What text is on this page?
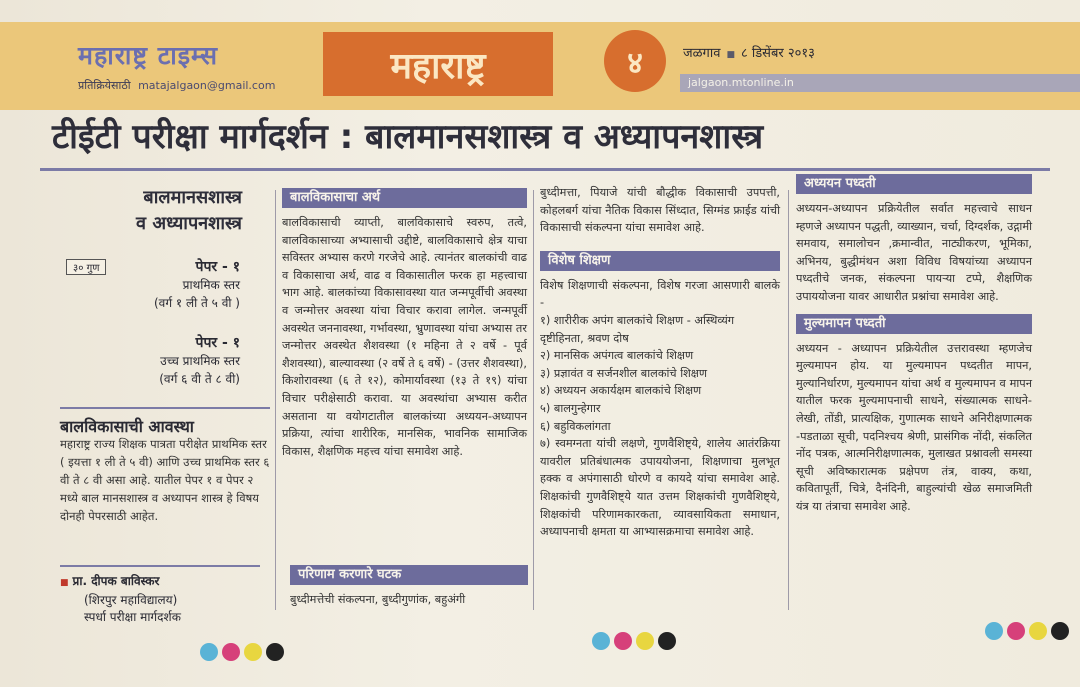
महाराष्ट्र टाइम्स
प्रतिक्रियेसाठी matajalgaon@gmail.com	महाराष्ट्र	४	जळगाव ■ ८ डिसेंबर २०१३
jalgaon.mtonline.in
टीईटी परीक्षा मार्गदर्शन : बालमानसशास्त्र व अध्यापनशास्त्र
बालमानसशास्त्र
व अध्यापनशास्त्र
३० गुण	पेपर - १
प्राथमिक स्तर
(वर्ग १ ली ते ५ वी )
पेपर - १
उच्च प्राथमिक स्तर
(वर्ग ६ वी ते ८ वी)
बालविकासाची आवस्था
महाराष्ट्र राज्य शिक्षक पात्रता परीक्षेत प्राथमिक स्तर ( इयत्ता १ ली ते ५ वी) आणि उच्च प्राथमिक स्तर ६ वी ते ८ वी असा आहे. यातील पेपर १ व पेपर २ मध्ये बाल मानसशास्त्र व अध्यापन शास्त्र हे विषय दोनही पेपरसाठी आहेत.
■ प्रा. दीपक बाविस्कर
(शिरपुर महाविद्यालय)
स्पर्धा परीक्षा मार्गदर्शक
बालविकासाचा अर्थ

बालविकासाची व्याप्ती, बालविकासाचे स्वरुप, तत्वे, बालविकासाच्या अभ्यासाची उद्दीष्टे, बालविकासाचे क्षेत्र याचा सविस्तर अभ्यास करणे गरजेचे आहे. त्यानंतर बालकांची वाढ व विकासाचा अर्थ, वाढ व विकासातील फरक हा महत्त्वाचा भाग आहे. बालकांच्या विकासावस्था यात जन्मपूर्वीची अवस्था व जन्मोत्तर अवस्था यांचा विचार करावा लागेल. जन्मपूर्वी अवस्थेत जननावस्था, गर्भावस्था, भ्रुणावस्था यांचा अभ्यास तर जन्मोत्तर अवस्थेत शैशवस्था (१ महिना ते २ वर्षे - पूर्व शैशवस्था), बाल्यावस्था (२ वर्षे ते ६ वर्षे) - (उत्तर शैशवस्था), किशोरावस्था (६ ते १२), कोमार्यावस्था (१३ ते १९) यांचा विचार परीक्षेसाठी करावा. या अवस्थांचा अभ्यास करीत असताना या वयोगटातील बालकांच्या अध्ययन-अध्यापन प्रक्रिया, त्यांचा शारीरिक, मानसिक, भावनिक सामाजिक विकास, शैक्षणिक महत्त्व यांचा समावेश आहे.

परिणाम करणारे घटक

बुध्दीमत्तेची संकल्पना, बुध्दीगुणांक, बहुअंगी

बुध्दीमत्ता, पियाजे यांची बौद्धीक विकासाची उपपत्ती, कोहलबर्ग यांचा नैतिक विकास सिंध्दात, सिग्मंड फ्राईड यांची विकासाची संकल्पना यांचा समावेश आहे.

विशेष शिक्षण

विशेष शिक्षणाची संकल्पना, विशेष गरजा आसणारी बालके -

१) शारीरीक अपंग बालकांचे शिक्षण - अस्थिव्यंग दृष्टीहिनता, श्रवण दोष
२) मानसिक अपंगत्व बालकांचे शिक्षण
३) प्रज्ञावंत व सर्जनशील बालकांचे शिक्षण
४) अध्ययन अकार्यक्षम बालकांचे शिक्षण
५) बालगुन्हेगार
६) बहुविकलांगता

७) स्वमग्नता यांची लक्षणे, गुणवैशिष्ट्ये, शालेय आतंरक्रिया यावरील प्रतिबंधात्मक उपाययोजना, शिक्षणाचा मुलभूत हक्क व अपंगासाठी धोरणे व कायदे यांचा समावेश आहे. शिक्षकांची गुणवैशिष्ट्ये यात उत्तम शिक्षकांची गुणवैशिष्ट्ये, शिक्षकांची परिणामकारकता, व्यावसायिकता समाधान, अध्यापनाची क्षमता या आभ्यासक्रमाचा समावेश आहे.

अध्ययन पध्दती

अध्ययन-अध्यापन प्रक्रियेतील सर्वात महत्त्वाचे साधन म्हणजे अध्यापन पद्धती, व्याख्यान, चर्चा, दिग्दर्शक, उद्गामी समवाय, समालोचन ,क्रमान्वीत, नाट्यीकरण, भूमिका, अभिनय, बुद्धीमंथन अशा विविध विषयांच्या अध्यापन पध्दतीचे जनक, संकल्पना पायऱ्या टप्पे, शैक्षणिक उपाययोजना यावर आधारीत प्रश्नांचा समावेश आहे.

मुल्यमापन पध्दती

अध्ययन - अध्यापन प्रक्रियेतील उत्तरावस्था म्हणजेच मुल्यमापन होय. या मुल्यमापन पध्दतीत मापन, मुल्यानिर्धारण, मुल्यमापन यांचा अर्थ व मुल्यमापन व मापन यातील फरक मुल्यमापनाची साधने, संख्यात्मक साधने- लेखी, तोंडी, प्रात्यक्षिक, गुणात्मक साधने अनिरीक्षणात्मक -पडताळा सूची, पदनिश्चय श्रेणी, प्रासंगिक नोंदी, संकलित नोंद पत्रक, आत्मनिरीक्षणात्मक, मुलाखत प्रश्नावली समस्या सूची अविष्कारात्मक प्रक्षेपण तंत्र, वाक्य, कथा, कवितापूर्ती, चित्रे, दैनंदिनी, बाहुल्यांची खेळ समाजमिती यंत्र या तंत्राचा समावेश आहे.
